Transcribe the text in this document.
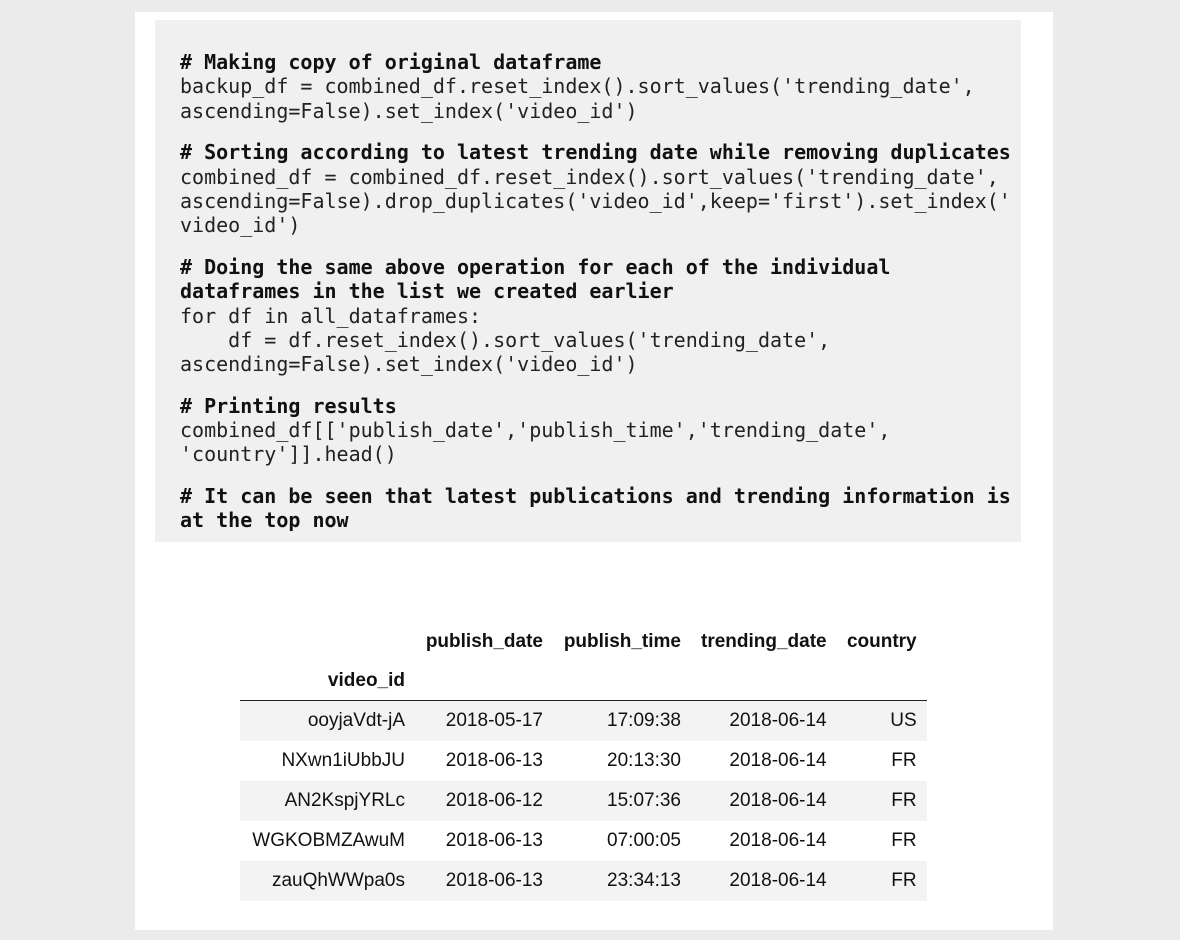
# Making copy of original dataframe
backup_df = combined_df.reset_index().sort_values('trending_date',
ascending=False).set_index('video_id')
# Sorting according to latest trending date while removing duplicates
combined_df = combined_df.reset_index().sort_values('trending_date',
ascending=False).drop_duplicates('video_id',keep='first').set_index('
video_id')
# Doing the same above operation for each of the individual
dataframes in the list we created earlier
for df in all_dataframes:
df = df.reset_index().sort_values('trending_date',
ascending=False).set_index('video_id')
# Printing results
combined_df[['publish_date','publish_time','trending_date',
'country']].head()
# It can be seen that latest publications and trending information is
at the top now
	publish_date	publish_time	trending_date	country
video_id				
ooyjaVdt-jA	2018-05-17	17:09:38	2018-06-14	US
NXwn1iUbbJU	2018-06-13	20:13:30	2018-06-14	FR
AN2KspjYRLc	2018-06-12	15:07:36	2018-06-14	FR
WGKOBMZAwuM	2018-06-13	07:00:05	2018-06-14	FR
zauQhWWpa0s	2018-06-13	23:34:13	2018-06-14	FR
